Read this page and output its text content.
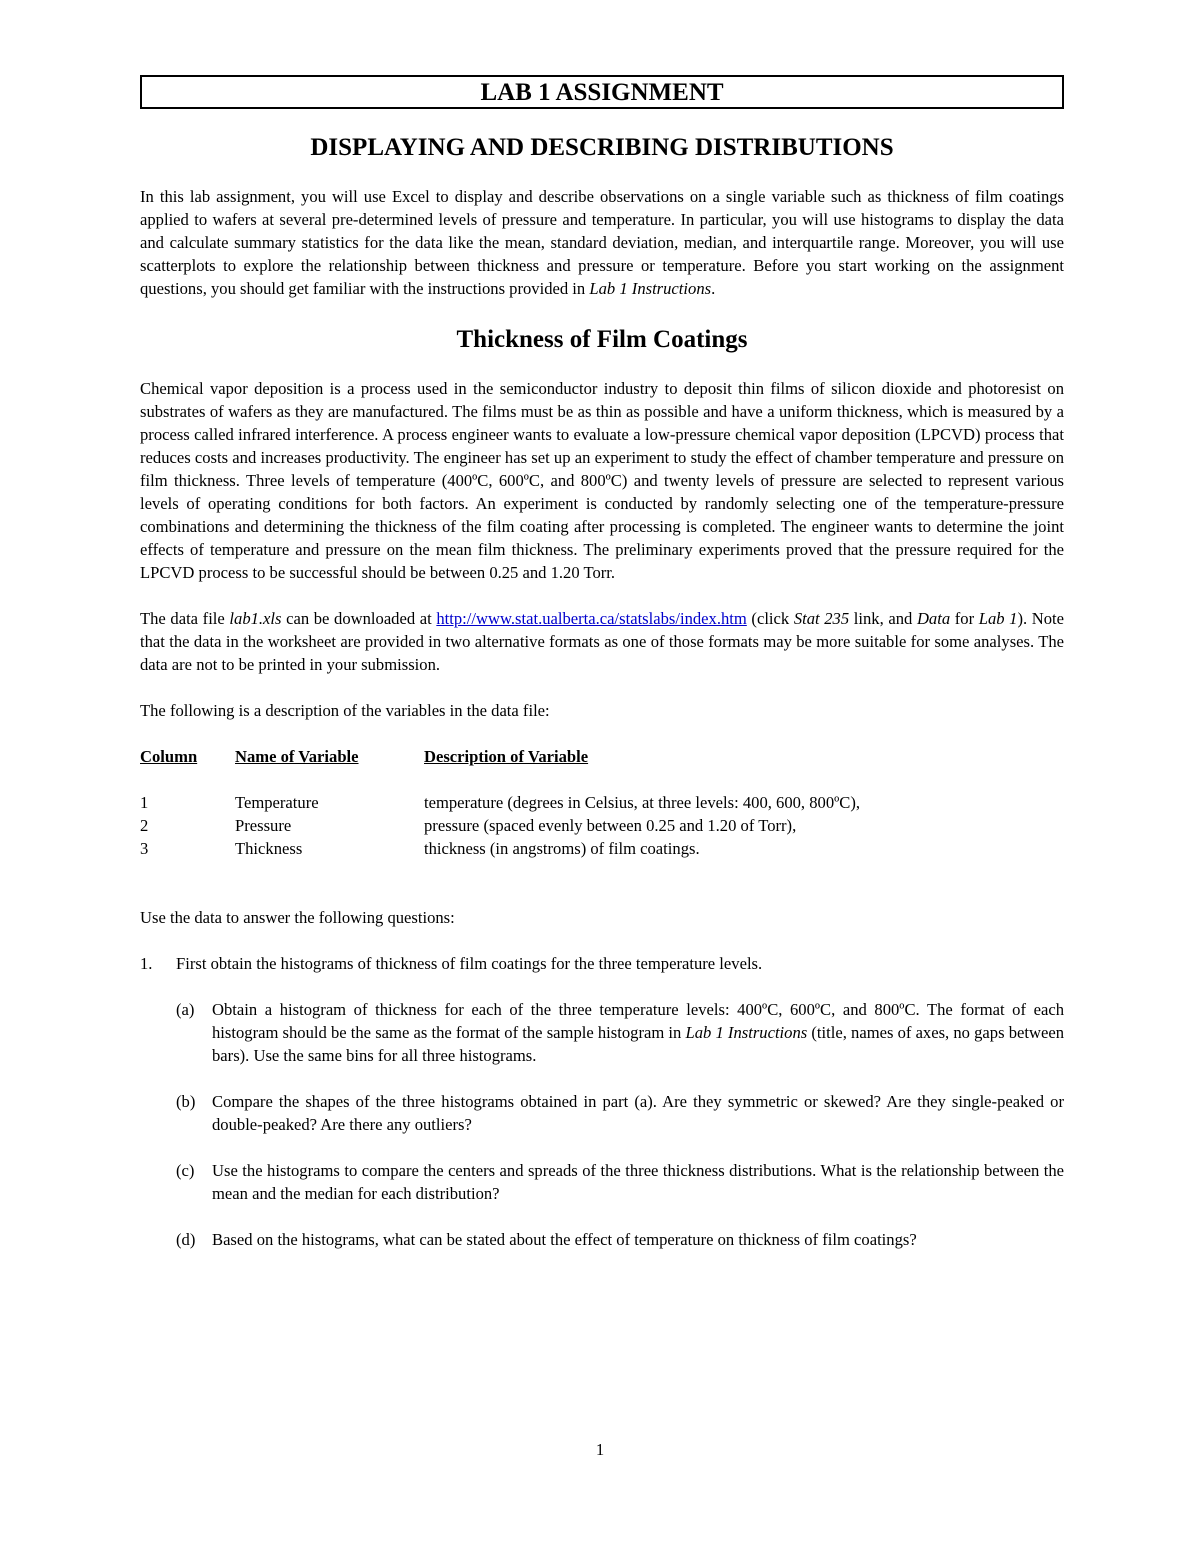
LAB 1 ASSIGNMENT
DISPLAYING AND DESCRIBING DISTRIBUTIONS

In this lab assignment, you will use Excel to display and describe observations on a single variable such as thickness of film coatings applied to wafers at several pre-determined levels of pressure and temperature. In particular, you will use histograms to display the data and calculate summary statistics for the data like the mean, standard deviation, median, and interquartile range. Moreover, you will use scatterplots to explore the relationship between thickness and pressure or temperature. Before you start working on the assignment questions, you should get familiar with the instructions provided in Lab 1 Instructions.

Thickness of Film Coatings

Chemical vapor deposition is a process used in the semiconductor industry to deposit thin films of silicon dioxide and photoresist on substrates of wafers as they are manufactured. The films must be as thin as possible and have a uniform thickness, which is measured by a process called infrared interference. A process engineer wants to evaluate a low-pressure chemical vapor deposition (LPCVD) process that reduces costs and increases productivity. The engineer has set up an experiment to study the effect of chamber temperature and pressure on film thickness. Three levels of temperature (400ºC, 600ºC, and 800ºC) and twenty levels of pressure are selected to represent various levels of operating conditions for both factors. An experiment is conducted by randomly selecting one of the temperature-pressure combinations and determining the thickness of the film coating after processing is completed. The engineer wants to determine the joint effects of temperature and pressure on the mean film thickness. The preliminary experiments proved that the pressure required for the LPCVD process to be successful should be between 0.25 and 1.20 Torr.

The data file lab1.xls can be downloaded at http://www.stat.ualberta.ca/statslabs/index.htm (click Stat 235 link, and Data for Lab 1). Note that the data in the worksheet are provided in two alternative formats as one of those formats may be more suitable for some analyses. The data are not to be printed in your submission.

The following is a description of the variables in the data file:

Column	Name of Variable	Description of Variable
1	Temperature	temperature (degrees in Celsius, at three levels: 400, 600, 800ºC),
2	Pressure	pressure (spaced evenly between 0.25 and 1.20 of Torr),
3	Thickness	thickness (in angstroms) of film coatings.

Use the data to answer the following questions:

1.	First obtain the histograms of thickness of film coatings for the three temperature levels.
(a)	Obtain a histogram of thickness for each of the three temperature levels: 400ºC, 600ºC, and 800ºC. The format of each histogram should be the same as the format of the sample histogram in Lab 1 Instructions (title, names of axes, no gaps between bars). Use the same bins for all three histograms.
(b)	Compare the shapes of the three histograms obtained in part (a). Are they symmetric or skewed? Are they single-peaked or double-peaked? Are there any outliers?
(c)	Use the histograms to compare the centers and spreads of the three thickness distributions. What is the relationship between the mean and the median for each distribution?
(d)	Based on the histograms, what can be stated about the effect of temperature on thickness of film coatings?
1
